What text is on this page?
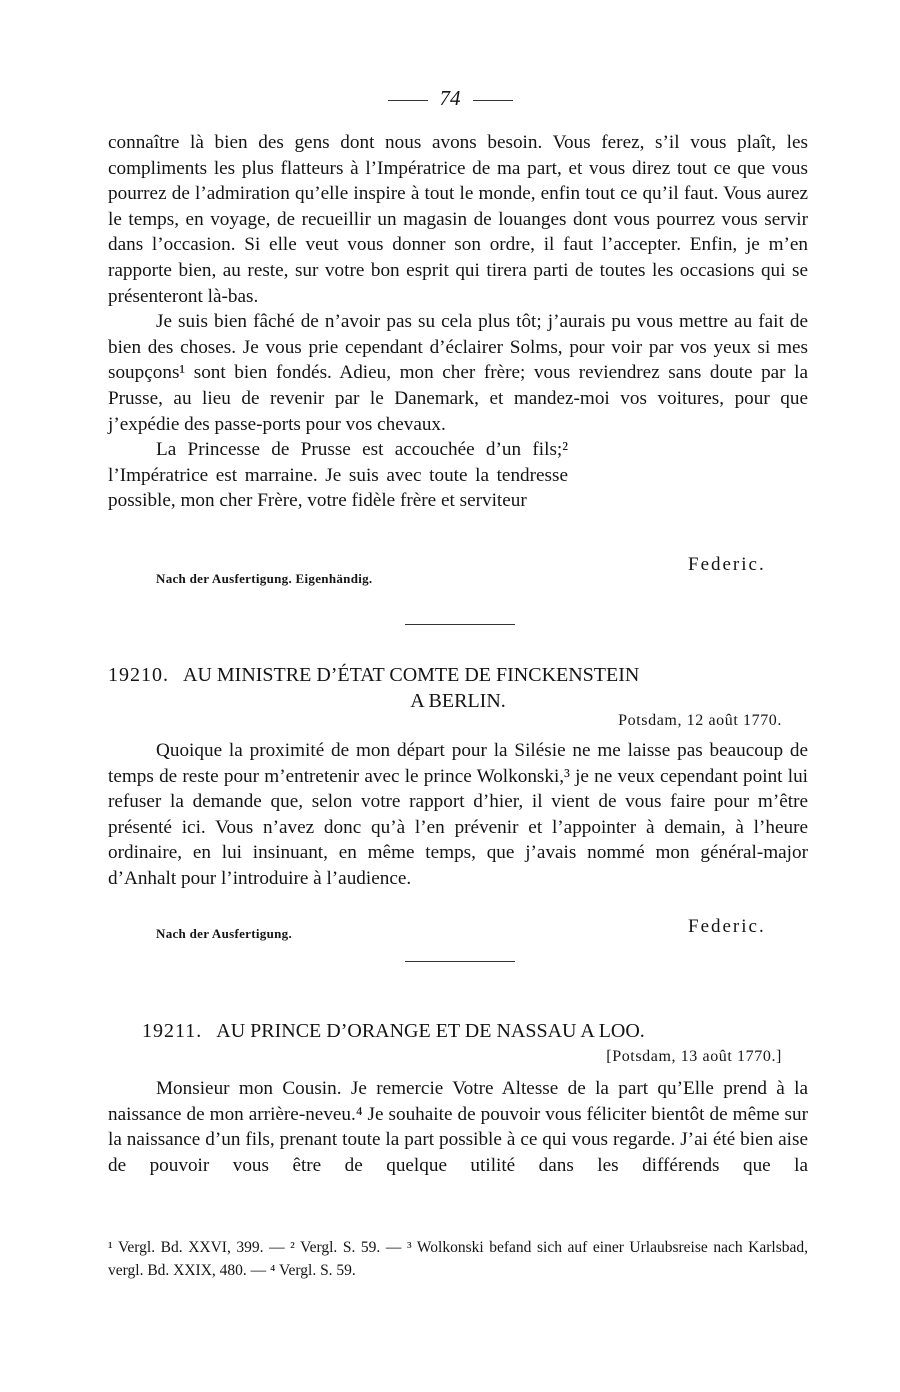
74

connaître là bien des gens dont nous avons besoin. Vous ferez, s’il vous plaît, les compliments les plus flatteurs à l’Impératrice de ma part, et vous direz tout ce que vous pourrez de l’admiration qu’elle inspire à tout le monde, enfin tout ce qu’il faut. Vous aurez le temps, en voyage, de recueillir un magasin de louanges dont vous pourrez vous servir dans l’occasion. Si elle veut vous donner son ordre, il faut l’accepter. Enfin, je m’en rapporte bien, au reste, sur votre bon esprit qui tirera parti de toutes les occasions qui se présenteront là-bas.

Je suis bien fâché de n’avoir pas su cela plus tôt; j’aurais pu vous mettre au fait de bien des choses. Je vous prie cependant d’éclairer Solms, pour voir par vos yeux si mes soupçons¹ sont bien fondés. Adieu, mon cher frère; vous reviendrez sans doute par la Prusse, au lieu de revenir par le Danemark, et mandez-moi vos voitures, pour que j’expédie des passe-ports pour vos chevaux.

La Princesse de Prusse est accouchée d’un fils;² l’Impératrice est marraine. Je suis avec toute la tendresse possible, mon cher Frère, votre fidèle frère et serviteur

Federic.
Nach der Ausfertigung. Eigenhändig.
19210. AU MINISTRE D’ÉTAT COMTE DE FINCKENSTEIN
A BERLIN.
Potsdam, 12 août 1770.

Quoique la proximité de mon départ pour la Silésie ne me laisse pas beaucoup de temps de reste pour m’entretenir avec le prince Wolkonski,³ je ne veux cependant point lui refuser la demande que, selon votre rapport d’hier, il vient de vous faire pour m’être présenté ici. Vous n’avez donc qu’à l’en prévenir et l’appointer à demain, à l’heure ordinaire, en lui insinuant, en même temps, que j’avais nommé mon général-major d’Anhalt pour l’introduire à l’audience.

Nach der Ausfertigung.	Federic.
19211. AU PRINCE D’ORANGE ET DE NASSAU A LOO.
[Potsdam, 13 août 1770.]

Monsieur mon Cousin. Je remercie Votre Altesse de la part qu’Elle prend à la naissance de mon arrière-neveu.⁴ Je souhaite de pouvoir vous féliciter bientôt de même sur la naissance d’un fils, prenant toute la part possible à ce qui vous regarde. J’ai été bien aise de pouvoir vous être de quelque utilité dans les différends que la

¹ Vergl. Bd. XXVI, 399. — ² Vergl. S. 59. — ³ Wolkonski befand sich auf einer Urlaubsreise nach Karlsbad, vergl. Bd. XXIX, 480. — ⁴ Vergl. S. 59.
